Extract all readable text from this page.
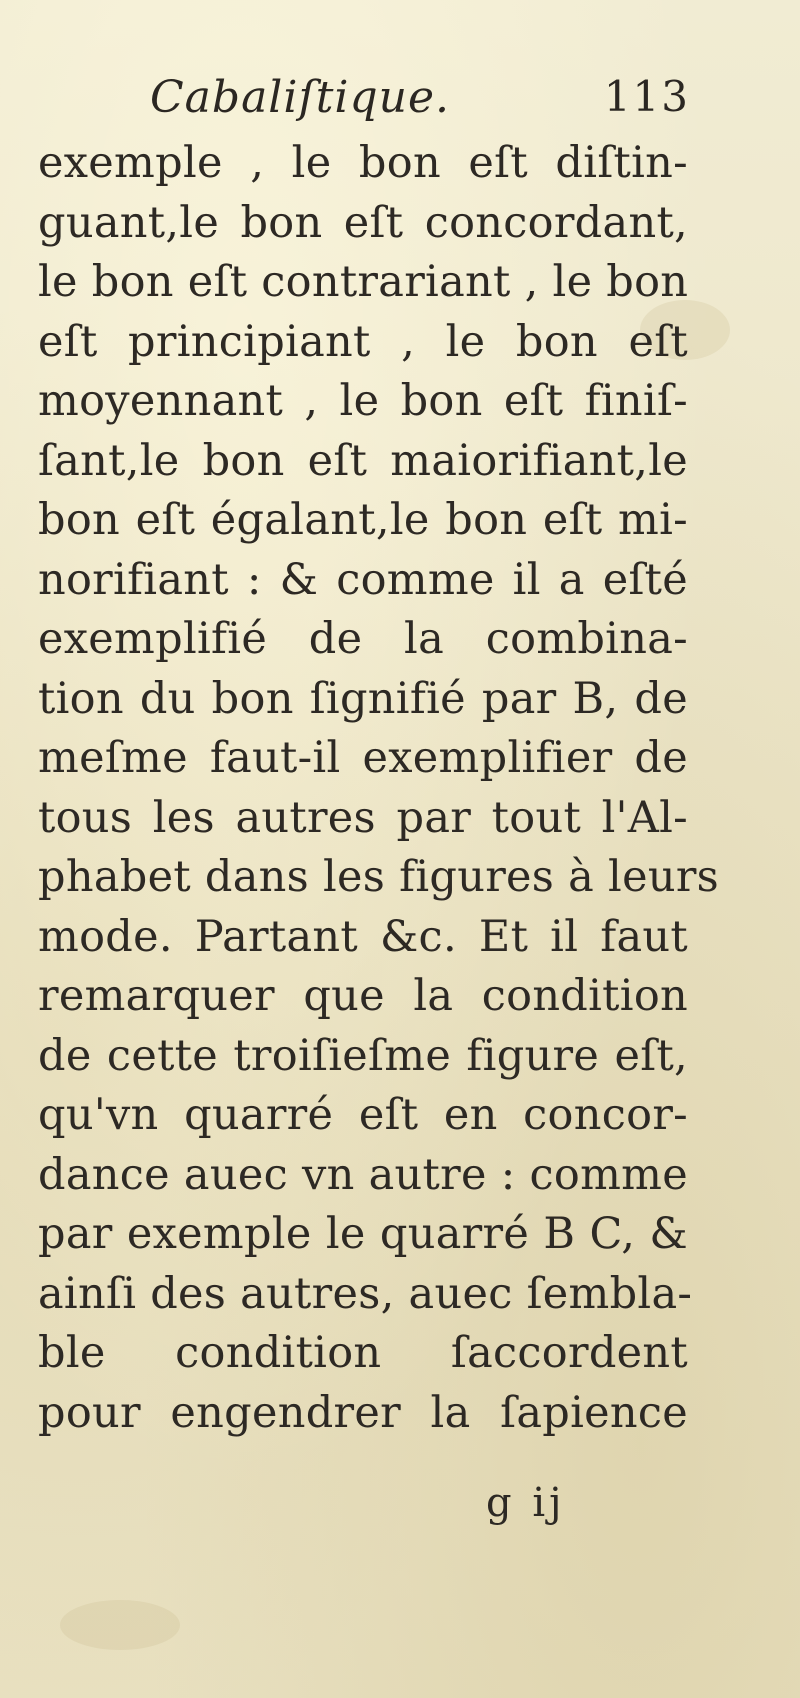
Cabaliſtique.	113
exemple , le bon eſt diſtin-
guant,le bon eſt concordant,
le bon eſt contrariant , le bon
eſt principiant , le bon eſt
moyennant , le bon eſt finiſ-
ſant,le bon eſt maiorifiant,le
bon eſt égalant,le bon eſt mi-
norifiant : & comme il a eſté
exemplifié de la combina-
tion du bon ſignifié par B, de
meſme faut-il exemplifier de
tous les autres par tout l'Al-
phabet dans les figures à leurs
mode. Partant &c. Et il faut
remarquer que la condition
de cette troiſieſme figure eſt,
qu'vn quarré eſt en concor-
dance auec vn autre : comme
par exemple le quarré B C, &
ainſi des autres, auec ſembla-
ble condition ſaccordent
pour engendrer la ſapience
g ij
